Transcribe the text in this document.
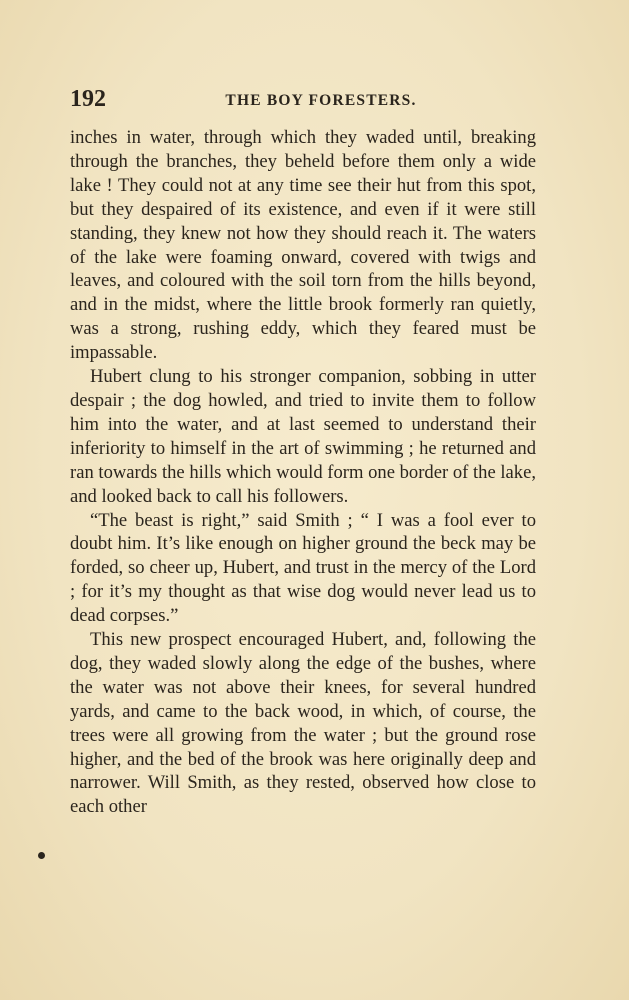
192	THE BOY FORESTERS.

inches in water, through which they waded until, breaking through the branches, they beheld before them only a wide lake ! They could not at any time see their hut from this spot, but they despaired of its existence, and even if it were still standing, they knew not how they should reach it. The waters of the lake were foaming onward, covered with twigs and leaves, and coloured with the soil torn from the hills beyond, and in the midst, where the little brook formerly ran quietly, was a strong, rushing eddy, which they feared must be impassable.

Hubert clung to his stronger companion, sobbing in utter despair ; the dog howled, and tried to invite them to follow him into the water, and at last seemed to understand their inferiority to himself in the art of swimming ; he returned and ran towards the hills which would form one border of the lake, and looked back to call his followers.

“The beast is right,” said Smith ; “ I was a fool ever to doubt him. It’s like enough on higher ground the beck may be forded, so cheer up, Hubert, and trust in the mercy of the Lord ; for it’s my thought as that wise dog would never lead us to dead corpses.”

This new prospect encouraged Hubert, and, following the dog, they waded slowly along the edge of the bushes, where the water was not above their knees, for several hundred yards, and came to the back wood, in which, of course, the trees were all growing from the water ; but the ground rose higher, and the bed of the brook was here originally deep and narrower. Will Smith, as they rested, observed how close to each other
